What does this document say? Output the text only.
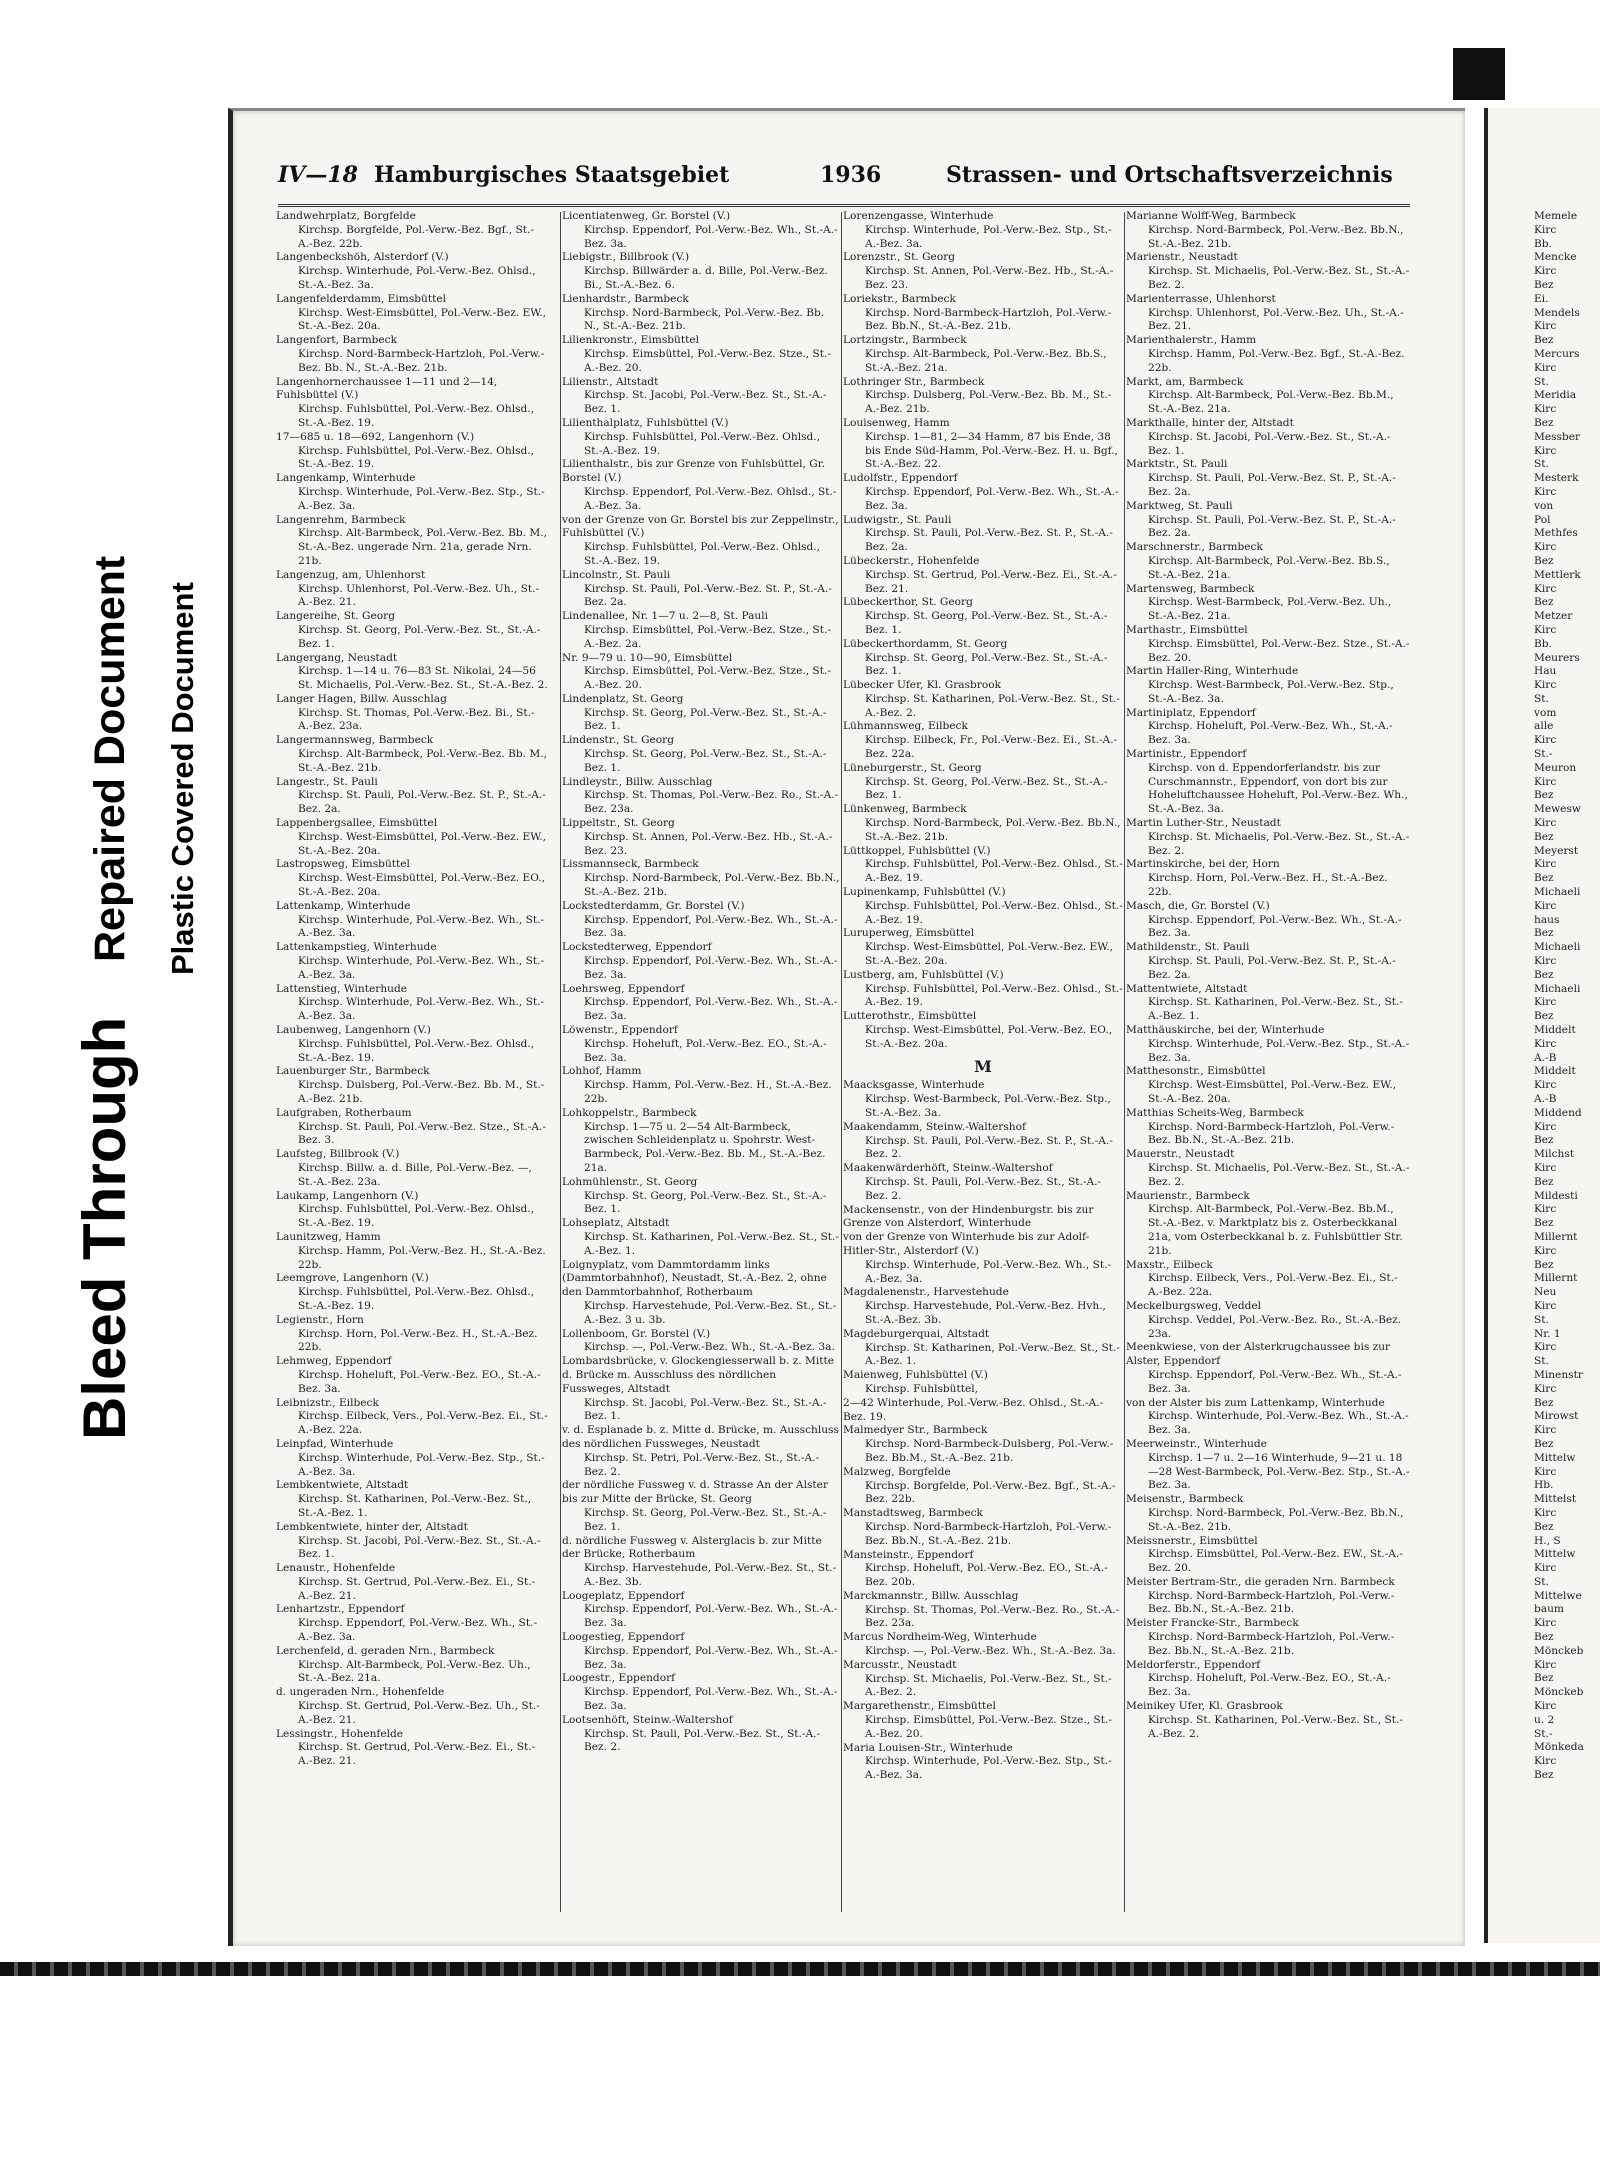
Bleed Through
Repaired Document Plastic Covered Document
IV—18 Hamburgisches Staatsgebiet	1936	Strassen- und Ortschaftsverzeichnis

Landwehrplatz, Borgfelde

Kirchsp. Borgfelde, Pol.-Verw.-Bez. Bgf., St.-A.-Bez. 22b.

Langenbeckshöh, Alsterdorf (V.)

Kirchsp. Winterhude, Pol.-Verw.-Bez. Ohlsd., St.-A.-Bez. 3a.

Langenfelderdamm, Eimsbüttel

Kirchsp. West-Eimsbüttel, Pol.-Verw.-Bez. EW., St.-A.-Bez. 20a.

Langenfort, Barmbeck

Kirchsp. Nord-Barmbeck-Hartzloh, Pol.-Verw.-Bez. Bb. N., St.-A.-Bez. 21b.

Langenhornerchaussee 1—11 und 2—14, Fuhlsbüttel (V.)

Kirchsp. Fuhlsbüttel, Pol.-Verw.-Bez. Ohlsd., St.-A.-Bez. 19.

17—685 u. 18—692, Langenhorn (V.)

Kirchsp. Fuhlsbüttel, Pol.-Verw.-Bez. Ohlsd., St.-A.-Bez. 19.

Langenkamp, Winterhude

Kirchsp. Winterhude, Pol.-Verw.-Bez. Stp., St.-A.-Bez. 3a.

Langenrehm, Barmbeck

Kirchsp. Alt-Barmbeck, Pol.-Verw.-Bez. Bb. M., St.-A.-Bez. ungerade Nrn. 21a, gerade Nrn. 21b.

Langenzug, am, Uhlenhorst

Kirchsp. Uhlenhorst, Pol.-Verw.-Bez. Uh., St.-A.-Bez. 21.

Langereihe, St. Georg

Kirchsp. St. Georg, Pol.-Verw.-Bez. St., St.-A.-Bez. 1.

Langergang, Neustadt

Kirchsp. 1—14 u. 76—83 St. Nikolai, 24—56 St. Michaelis, Pol.-Verw.-Bez. St., St.-A.-Bez. 2.

Langer Hagen, Billw. Ausschlag

Kirchsp. St. Thomas, Pol.-Verw.-Bez. Bi., St.-A.-Bez. 23a.

Langermannsweg, Barmbeck

Kirchsp. Alt-Barmbeck, Pol.-Verw.-Bez. Bb. M., St.-A.-Bez. 21b.

Langestr., St. Pauli

Kirchsp. St. Pauli, Pol.-Verw.-Bez. St. P., St.-A.-Bez. 2a.

Lappenbergsallee, Eimsbüttel

Kirchsp. West-Eimsbüttel, Pol.-Verw.-Bez. EW., St.-A.-Bez. 20a.

Lastropsweg, Eimsbüttel

Kirchsp. West-Eimsbüttel, Pol.-Verw.-Bez. EO., St.-A.-Bez. 20a.

Lattenkamp, Winterhude

Kirchsp. Winterhude, Pol.-Verw.-Bez. Wh., St.-A.-Bez. 3a.

Lattenkampstieg, Winterhude

Kirchsp. Winterhude, Pol.-Verw.-Bez. Wh., St.-A.-Bez. 3a.

Lattenstieg, Winterhude

Kirchsp. Winterhude, Pol.-Verw.-Bez. Wh., St.-A.-Bez. 3a.

Laubenweg, Langenhorn (V.)

Kirchsp. Fuhlsbüttel, Pol.-Verw.-Bez. Ohlsd., St.-A.-Bez. 19.

Lauenburger Str., Barmbeck

Kirchsp. Dulsberg, Pol.-Verw.-Bez. Bb. M., St.-A.-Bez. 21b.

Laufgraben, Rotherbaum

Kirchsp. St. Pauli, Pol.-Verw.-Bez. Stze., St.-A.-Bez. 3.

Laufsteg, Billbrook (V.)

Kirchsp. Billw. a. d. Bille, Pol.-Verw.-Bez. —, St.-A.-Bez. 23a.

Laukamp, Langenhorn (V.)

Kirchsp. Fuhlsbüttel, Pol.-Verw.-Bez. Ohlsd., St.-A.-Bez. 19.

Launitzweg, Hamm

Kirchsp. Hamm, Pol.-Verw.-Bez. H., St.-A.-Bez. 22b.

Leemgrove, Langenhorn (V.)

Kirchsp. Fuhlsbüttel, Pol.-Verw.-Bez. Ohlsd., St.-A.-Bez. 19.

Legienstr., Horn

Kirchsp. Horn, Pol.-Verw.-Bez. H., St.-A.-Bez. 22b.

Lehmweg, Eppendorf

Kirchsp. Hoheluft, Pol.-Verw.-Bez. EO., St.-A.-Bez. 3a.

Leibnizstr., Eilbeck

Kirchsp. Eilbeck, Vers., Pol.-Verw.-Bez. Ei., St.-A.-Bez. 22a.

Leinpfad, Winterhude

Kirchsp. Winterhude, Pol.-Verw.-Bez. Stp., St.-A.-Bez. 3a.

Lembkentwiete, Altstadt

Kirchsp. St. Katharinen, Pol.-Verw.-Bez. St., St.-A.-Bez. 1.

Lembkentwiete, hinter der, Altstadt

Kirchsp. St. Jacobi, Pol.-Verw.-Bez. St., St.-A.-Bez. 1.

Lenaustr., Hohenfelde

Kirchsp. St. Gertrud, Pol.-Verw.-Bez. Ei., St.-A.-Bez. 21.

Lenhartzstr., Eppendorf

Kirchsp. Eppendorf, Pol.-Verw.-Bez. Wh., St.-A.-Bez. 3a.

Lerchenfeld, d. geraden Nrn., Barmbeck

Kirchsp. Alt-Barmbeck, Pol.-Verw.-Bez. Uh., St.-A.-Bez. 21a.

d. ungeraden Nrn., Hohenfelde

Kirchsp. St. Gertrud, Pol.-Verw.-Bez. Uh., St.-A.-Bez. 21.

Lessingstr., Hohenfelde

Kirchsp. St. Gertrud, Pol.-Verw.-Bez. Ei., St.-A.-Bez. 21.

Licentiatenweg, Gr. Borstel (V.)

Kirchsp. Eppendorf, Pol.-Verw.-Bez. Wh., St.-A.-Bez. 3a.

Liebigstr., Billbrook (V.)

Kirchsp. Billwärder a. d. Bille, Pol.-Verw.-Bez. Bi., St.-A.-Bez. 6.

Lienhardstr., Barmbeck

Kirchsp. Nord-Barmbeck, Pol.-Verw.-Bez. Bb. N., St.-A.-Bez. 21b.

Lilienkronstr., Eimsbüttel

Kirchsp. Eimsbüttel, Pol.-Verw.-Bez. Stze., St.-A.-Bez. 20.

Lilienstr., Altstadt

Kirchsp. St. Jacobi, Pol.-Verw.-Bez. St., St.-A.-Bez. 1.

Lilienthalplatz, Fuhlsbüttel (V.)

Kirchsp. Fuhlsbüttel, Pol.-Verw.-Bez. Ohlsd., St.-A.-Bez. 19.

Lilienthalstr., bis zur Grenze von Fuhlsbüttel, Gr. Borstel (V.)

Kirchsp. Eppendorf, Pol.-Verw.-Bez. Ohlsd., St.-A.-Bez. 3a.

von der Grenze von Gr. Borstel bis zur Zeppelinstr., Fuhlsbüttel (V.)

Kirchsp. Fuhlsbüttel, Pol.-Verw.-Bez. Ohlsd., St.-A.-Bez. 19.

Lincolnstr., St. Pauli

Kirchsp. St. Pauli, Pol.-Verw.-Bez. St. P., St.-A.-Bez. 2a.

Lindenallee, Nr. 1—7 u. 2—8, St. Pauli

Kirchsp. Eimsbüttel, Pol.-Verw.-Bez. Stze., St.-A.-Bez. 2a.

Nr. 9—79 u. 10—90, Eimsbüttel

Kirchsp. Eimsbüttel, Pol.-Verw.-Bez. Stze., St.-A.-Bez. 20.

Lindenplatz, St. Georg

Kirchsp. St. Georg, Pol.-Verw.-Bez. St., St.-A.-Bez. 1.

Lindenstr., St. Georg

Kirchsp. St. Georg, Pol.-Verw.-Bez. St., St.-A.-Bez. 1.

Lindleystr., Billw. Ausschlag

Kirchsp. St. Thomas, Pol.-Verw.-Bez. Ro., St.-A.-Bez. 23a.

Lippeltstr., St. Georg

Kirchsp. St. Annen, Pol.-Verw.-Bez. Hb., St.-A.-Bez. 23.

Lissmannseck, Barmbeck

Kirchsp. Nord-Barmbeck, Pol.-Verw.-Bez. Bb.N., St.-A.-Bez. 21b.

Lockstedterdamm, Gr. Borstel (V.)

Kirchsp. Eppendorf, Pol.-Verw.-Bez. Wh., St.-A.-Bez. 3a.

Lockstedterweg, Eppendorf

Kirchsp. Eppendorf, Pol.-Verw.-Bez. Wh., St.-A.-Bez. 3a.

Loehrsweg, Eppendorf

Kirchsp. Eppendorf, Pol.-Verw.-Bez. Wh., St.-A.-Bez. 3a.

Löwenstr., Eppendorf

Kirchsp. Hoheluft, Pol.-Verw.-Bez. EO., St.-A.-Bez. 3a.

Lohhof, Hamm

Kirchsp. Hamm, Pol.-Verw.-Bez. H., St.-A.-Bez. 22b.

Lohkoppelstr., Barmbeck

Kirchsp. 1—75 u. 2—54 Alt-Barmbeck, zwischen Schleidenplatz u. Spohrstr. West-Barmbeck, Pol.-Verw.-Bez. Bb. M., St.-A.-Bez. 21a.

Lohmühlenstr., St. Georg

Kirchsp. St. Georg, Pol.-Verw.-Bez. St., St.-A.-Bez. 1.

Lohseplatz, Altstadt

Kirchsp. St. Katharinen, Pol.-Verw.-Bez. St., St.-A.-Bez. 1.

Loignyplatz, vom Dammtordamm links (Dammtorbahnhof), Neustadt, St.-A.-Bez. 2, ohne den Dammtorbahnhof, Rotherbaum

Kirchsp. Harvestehude, Pol.-Verw.-Bez. St., St.-A.-Bez. 3 u. 3b.

Lollenboom, Gr. Borstel (V.)

Kirchsp. —, Pol.-Verw.-Bez. Wh., St.-A.-Bez. 3a.

Lombardsbrücke, v. Glockengiesserwall b. z. Mitte d. Brücke m. Ausschluss des nördlichen Fussweges, Altstadt

Kirchsp. St. Jacobi, Pol.-Verw.-Bez. St., St.-A.-Bez. 1.

v. d. Esplanade b. z. Mitte d. Brücke, m. Ausschluss des nördlichen Fussweges, Neustadt

Kirchsp. St. Petri, Pol.-Verw.-Bez. St., St.-A.-Bez. 2.

der nördliche Fussweg v. d. Strasse An der Alster bis zur Mitte der Brücke, St. Georg

Kirchsp. St. Georg, Pol.-Verw.-Bez. St., St.-A.-Bez. 1.

d. nördliche Fussweg v. Alsterglacis b. zur Mitte der Brücke, Rotherbaum

Kirchsp. Harvestehude, Pol.-Verw.-Bez. St., St.-A.-Bez. 3b.

Loogeplatz, Eppendorf

Kirchsp. Eppendorf, Pol.-Verw.-Bez. Wh., St.-A.-Bez. 3a.

Loogestieg, Eppendorf

Kirchsp. Eppendorf, Pol.-Verw.-Bez. Wh., St.-A.-Bez. 3a.

Loogestr., Eppendorf

Kirchsp. Eppendorf, Pol.-Verw.-Bez. Wh., St.-A.-Bez. 3a.

Lootsenhöft, Steinw.-Waltershof

Kirchsp. St. Pauli, Pol.-Verw.-Bez. St., St.-A.-Bez. 2.

Lorenzengasse, Winterhude

Kirchsp. Winterhude, Pol.-Verw.-Bez. Stp., St.-A.-Bez. 3a.

Lorenzstr., St. Georg

Kirchsp. St. Annen, Pol.-Verw.-Bez. Hb., St.-A.-Bez. 23.

Loriekstr., Barmbeck

Kirchsp. Nord-Barmbeck-Hartzloh, Pol.-Verw.-Bez. Bb.N., St.-A.-Bez. 21b.

Lortzingstr., Barmbeck

Kirchsp. Alt-Barmbeck, Pol.-Verw.-Bez. Bb.S., St.-A.-Bez. 21a.

Lothringer Str., Barmbeck

Kirchsp. Dulsberg, Pol.-Verw.-Bez. Bb. M., St.-A.-Bez. 21b.

Louisenweg, Hamm

Kirchsp. 1—81, 2—34 Hamm, 87 bis Ende, 38 bis Ende Süd-Hamm, Pol.-Verw.-Bez. H. u. Bgf., St.-A.-Bez. 22.

Ludolfstr., Eppendorf

Kirchsp. Eppendorf, Pol.-Verw.-Bez. Wh., St.-A.-Bez. 3a.

Ludwigstr., St. Pauli

Kirchsp. St. Pauli, Pol.-Verw.-Bez. St. P., St.-A.-Bez. 2a.

Lübeckerstr., Hohenfelde

Kirchsp. St. Gertrud, Pol.-Verw.-Bez. Ei., St.-A.-Bez. 21.

Lübeckerthor, St. Georg

Kirchsp. St. Georg, Pol.-Verw.-Bez. St., St.-A.-Bez. 1.

Lübeckerthordamm, St. Georg

Kirchsp. St. Georg, Pol.-Verw.-Bez. St., St.-A.-Bez. 1.

Lübecker Ufer, Kl. Grasbrook

Kirchsp. St. Katharinen, Pol.-Verw.-Bez. St., St.-A.-Bez. 2.

Lühmannsweg, Eilbeck

Kirchsp. Eilbeck, Fr., Pol.-Verw.-Bez. Ei., St.-A.-Bez. 22a.

Lüneburgerstr., St. Georg

Kirchsp. St. Georg, Pol.-Verw.-Bez. St., St.-A.-Bez. 1.

Lünkenweg, Barmbeck

Kirchsp. Nord-Barmbeck, Pol.-Verw.-Bez. Bb.N., St.-A.-Bez. 21b.

Lüttkoppel, Fuhlsbüttel (V.)

Kirchsp. Fuhlsbüttel, Pol.-Verw.-Bez. Ohlsd., St.-A.-Bez. 19.

Lupinenkamp, Fuhlsbüttel (V.)

Kirchsp. Fuhlsbüttel, Pol.-Verw.-Bez. Ohlsd., St.-A.-Bez. 19.

Luruperweg, Eimsbüttel

Kirchsp. West-Eimsbüttel, Pol.-Verw.-Bez. EW., St.-A.-Bez. 20a.

Lustberg, am, Fuhlsbüttel (V.)

Kirchsp. Fuhlsbüttel, Pol.-Verw.-Bez. Ohlsd., St.-A.-Bez. 19.

Lutterothstr., Eimsbüttel

Kirchsp. West-Eimsbüttel, Pol.-Verw.-Bez. EO., St.-A.-Bez. 20a.

M

Maacksgasse, Winterhude

Kirchsp. West-Barmbeck, Pol.-Verw.-Bez. Stp., St.-A.-Bez. 3a.

Maakendamm, Steinw.-Waltershof

Kirchsp. St. Pauli, Pol.-Verw.-Bez. St. P., St.-A.-Bez. 2.

Maakenwärderhöft, Steinw.-Waltershof

Kirchsp. St. Pauli, Pol.-Verw.-Bez. St., St.-A.-Bez. 2.

Mackensenstr., von der Hindenburgstr. bis zur Grenze von Alsterdorf, Winterhude

von der Grenze von Winterhude bis zur Adolf-Hitler-Str., Alsterdorf (V.)

Kirchsp. Winterhude, Pol.-Verw.-Bez. Wh., St.-A.-Bez. 3a.

Magdalenenstr., Harvestehude

Kirchsp. Harvestehude, Pol.-Verw.-Bez. Hvh., St.-A.-Bez. 3b.

Magdeburgerquai, Altstadt

Kirchsp. St. Katharinen, Pol.-Verw.-Bez. St., St.-A.-Bez. 1.

Maienweg, Fuhlsbüttel (V.)

Kirchsp. Fuhlsbüttel,

2—42 Winterhude, Pol.-Verw.-Bez. Ohlsd., St.-A.-Bez. 19.

Malmedyer Str., Barmbeck

Kirchsp. Nord-Barmbeck-Dulsberg, Pol.-Verw.-Bez. Bb.M., St.-A.-Bez. 21b.

Malzweg, Borgfelde

Kirchsp. Borgfelde, Pol.-Verw.-Bez. Bgf., St.-A.-Bez. 22b.

Manstadtsweg, Barmbeck

Kirchsp. Nord-Barmbeck-Hartzloh, Pol.-Verw.-Bez. Bb.N., St.-A.-Bez. 21b.

Mansteinstr., Eppendorf

Kirchsp. Hoheluft, Pol.-Verw.-Bez. EO., St.-A.-Bez. 20b.

Marckmannstr., Billw. Ausschlag

Kirchsp. St. Thomas, Pol.-Verw.-Bez. Ro., St.-A.-Bez. 23a.

Marcus Nordheim-Weg, Winterhude

Kirchsp. —, Pol.-Verw.-Bez. Wh., St.-A.-Bez. 3a.

Marcusstr., Neustadt

Kirchsp. St. Michaelis, Pol.-Verw.-Bez. St., St.-A.-Bez. 2.

Margarethenstr., Eimsbüttel

Kirchsp. Eimsbüttel, Pol.-Verw.-Bez. Stze., St.-A.-Bez. 20.

Maria Louisen-Str., Winterhude

Kirchsp. Winterhude, Pol.-Verw.-Bez. Stp., St.-A.-Bez. 3a.

Marianne Wolff-Weg, Barmbeck

Kirchsp. Nord-Barmbeck, Pol.-Verw.-Bez. Bb.N., St.-A.-Bez. 21b.

Marienstr., Neustadt

Kirchsp. St. Michaelis, Pol.-Verw.-Bez. St., St.-A.-Bez. 2.

Marienterrasse, Uhlenhorst

Kirchsp. Uhlenhorst, Pol.-Verw.-Bez. Uh., St.-A.-Bez. 21.

Marienthalerstr., Hamm

Kirchsp. Hamm, Pol.-Verw.-Bez. Bgf., St.-A.-Bez. 22b.

Markt, am, Barmbeck

Kirchsp. Alt-Barmbeck, Pol.-Verw.-Bez. Bb.M., St.-A.-Bez. 21a.

Markthalle, hinter der, Altstadt

Kirchsp. St. Jacobi, Pol.-Verw.-Bez. St., St.-A.-Bez. 1.

Marktstr., St. Pauli

Kirchsp. St. Pauli, Pol.-Verw.-Bez. St. P., St.-A.-Bez. 2a.

Marktweg, St. Pauli

Kirchsp. St. Pauli, Pol.-Verw.-Bez. St. P., St.-A.-Bez. 2a.

Marschnerstr., Barmbeck

Kirchsp. Alt-Barmbeck, Pol.-Verw.-Bez. Bb.S., St.-A.-Bez. 21a.

Martensweg, Barmbeck

Kirchsp. West-Barmbeck, Pol.-Verw.-Bez. Uh., St.-A.-Bez. 21a.

Marthastr., Eimsbüttel

Kirchsp. Eimsbüttel, Pol.-Verw.-Bez. Stze., St.-A.-Bez. 20.

Martin Haller-Ring, Winterhude

Kirchsp. West-Barmbeck, Pol.-Verw.-Bez. Stp., St.-A.-Bez. 3a.

Martiniplatz, Eppendorf

Kirchsp. Hoheluft, Pol.-Verw.-Bez. Wh., St.-A.-Bez. 3a.

Martinistr., Eppendorf

Kirchsp. von d. Eppendorferlandstr. bis zur Curschmannstr., Eppendorf, von dort bis zur Hoheluftchaussee Hoheluft, Pol.-Verw.-Bez. Wh., St.-A.-Bez. 3a.

Martin Luther-Str., Neustadt

Kirchsp. St. Michaelis, Pol.-Verw.-Bez. St., St.-A.-Bez. 2.

Martinskirche, bei der, Horn

Kirchsp. Horn, Pol.-Verw.-Bez. H., St.-A.-Bez. 22b.

Masch, die, Gr. Borstel (V.)

Kirchsp. Eppendorf, Pol.-Verw.-Bez. Wh., St.-A.-Bez. 3a.

Mathildenstr., St. Pauli

Kirchsp. St. Pauli, Pol.-Verw.-Bez. St. P., St.-A.-Bez. 2a.

Mattentwiete, Altstadt

Kirchsp. St. Katharinen, Pol.-Verw.-Bez. St., St.-A.-Bez. 1.

Matthäuskirche, bei der, Winterhude

Kirchsp. Winterhude, Pol.-Verw.-Bez. Stp., St.-A.-Bez. 3a.

Matthesonstr., Eimsbüttel

Kirchsp. West-Eimsbüttel, Pol.-Verw.-Bez. EW., St.-A.-Bez. 20a.

Matthias Scheits-Weg, Barmbeck

Kirchsp. Nord-Barmbeck-Hartzloh, Pol.-Verw.-Bez. Bb.N., St.-A.-Bez. 21b.

Mauerstr., Neustadt

Kirchsp. St. Michaelis, Pol.-Verw.-Bez. St., St.-A.-Bez. 2.

Maurienstr., Barmbeck

Kirchsp. Alt-Barmbeck, Pol.-Verw.-Bez. Bb.M., St.-A.-Bez. v. Marktplatz bis z. Osterbeckkanal 21a, vom Osterbeckkanal b. z. Fuhlsbüttler Str. 21b.

Maxstr., Eilbeck

Kirchsp. Eilbeck, Vers., Pol.-Verw.-Bez. Ei., St.-A.-Bez. 22a.

Meckelburgsweg, Veddel

Kirchsp. Veddel, Pol.-Verw.-Bez. Ro., St.-A.-Bez. 23a.

Meenkwiese, von der Alsterkrugchaussee bis zur Alster, Eppendorf

Kirchsp. Eppendorf, Pol.-Verw.-Bez. Wh., St.-A.-Bez. 3a.

von der Alster bis zum Lattenkamp, Winterhude

Kirchsp. Winterhude, Pol.-Verw.-Bez. Wh., St.-A.-Bez. 3a.

Meerweinstr., Winterhude

Kirchsp. 1—7 u. 2—16 Winterhude, 9—21 u. 18—28 West-Barmbeck, Pol.-Verw.-Bez. Stp., St.-A.-Bez. 3a.

Meisenstr., Barmbeck

Kirchsp. Nord-Barmbeck, Pol.-Verw.-Bez. Bb.N., St.-A.-Bez. 21b.

Meissnerstr., Eimsbüttel

Kirchsp. Eimsbüttel, Pol.-Verw.-Bez. EW., St.-A.-Bez. 20.

Meister Bertram-Str., die geraden Nrn. Barmbeck

Kirchsp. Nord-Barmbeck-Hartzloh, Pol.-Verw.-Bez. Bb.N., St.-A.-Bez. 21b.

Meister Francke-Str., Barmbeck

Kirchsp. Nord-Barmbeck-Hartzloh, Pol.-Verw.-Bez. Bb.N., St.-A.-Bez. 21b.

Meldorferstr., Eppendorf

Kirchsp. Hoheluft, Pol.-Verw.-Bez. EO., St.-A.-Bez. 3a.

Meinikey Ufer, Kl. Grasbrook

Kirchsp. St. Katharinen, Pol.-Verw.-Bez. St., St.-A.-Bez. 2.

Memele
Kirc
Bb.
Mencke
Kirc
Bez
Ei.
Mendels
Kirc
Bez
Mercurs
Kirc
St.
Meridia
Kirc
Bez
Messber
Kirc
St.
Mesterk
Kirc
von
Pol
Methfes
Kirc
Bez
Mettlerk
Kirc
Bez
Metzer
Kirc
Bb.
Meurers
Hau
Kirc
St.
vom
alle
Kirc
St.-
Meuron
Kirc
Bez
Mewesw
Kirc
Bez
Meyerst
Kirc
Bez
Michaeli
Kirc
haus
Bez
Michaeli
Kirc
Bez
Michaeli
Kirc
Bez
Middelt
Kirc
A.-B
Middelt
Kirc
A.-B
Middend
Kirc
Bez
Milchst
Kirc
Bez
Mildesti
Kirc
Bez
Millernt
Kirc
Bez
Millernt
Neu
Kirc
St.
Nr. 1
Kirc
St.
Minenstr
Kirc
Bez
Mirowst
Kirc
Bez
Mittelw
Kirc
Hb.
Mittelst
Kirc
Bez
H., S
Mittelw
Kirc
St.
Mittelwe
baum
Kirc
Bez
Mönckeb
Kirc
Bez
Mönckeb
Kirc
u. 2
St.-
Mönkeda
Kirc
Bez
